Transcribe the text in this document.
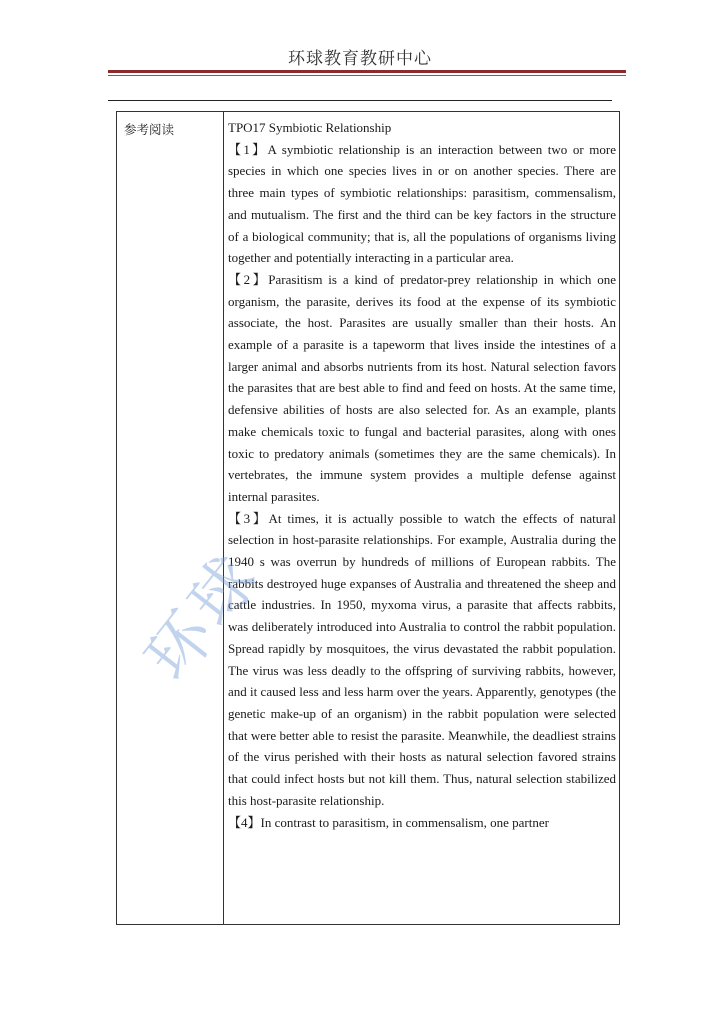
环球教育教研中心
参考阅读	TPO17 Symbiotic Relationship

【1】A symbiotic relationship is an interaction between two or more species in which one species lives in or on another species. There are three main types of symbiotic relationships: parasitism, commensalism, and mutualism. The first and the third can be key factors in the structure of a biological community; that is, all the populations of organisms living together and potentially interacting in a particular area.

【2】Parasitism is a kind of predator-prey relationship in which one organism, the parasite, derives its food at the expense of its symbiotic associate, the host. Parasites are usually smaller than their hosts. An example of a parasite is a tapeworm that lives inside the intestines of a larger animal and absorbs nutrients from its host. Natural selection favors the parasites that are best able to find and feed on hosts. At the same time, defensive abilities of hosts are also selected for. As an example, plants make chemicals toxic to fungal and bacterial parasites, along with ones toxic to predatory animals (sometimes they are the same chemicals). In vertebrates, the immune system provides a multiple defense against internal parasites.

【3】At times, it is actually possible to watch the effects of natural selection in host-parasite relationships. For example, Australia during the 1940 s was overrun by hundreds of millions of European rabbits. The rabbits destroyed huge expanses of Australia and threatened the sheep and cattle industries. In 1950, myxoma virus, a parasite that affects rabbits, was deliberately introduced into Australia to control the rabbit population. Spread rapidly by mosquitoes, the virus devastated the rabbit population. The virus was less deadly to the offspring of surviving rabbits, however, and it caused less and less harm over the years. Apparently, genotypes (the genetic make-up of an organism) in the rabbit population were selected that were better able to resist the parasite. Meanwhile, the deadliest strains of the virus perished with their hosts as natural selection favored strains that could infect hosts but not kill them. Thus, natural selection stabilized this host-parasite relationship.

【4】In contrast to parasitism, in commensalism, one partner

环球
